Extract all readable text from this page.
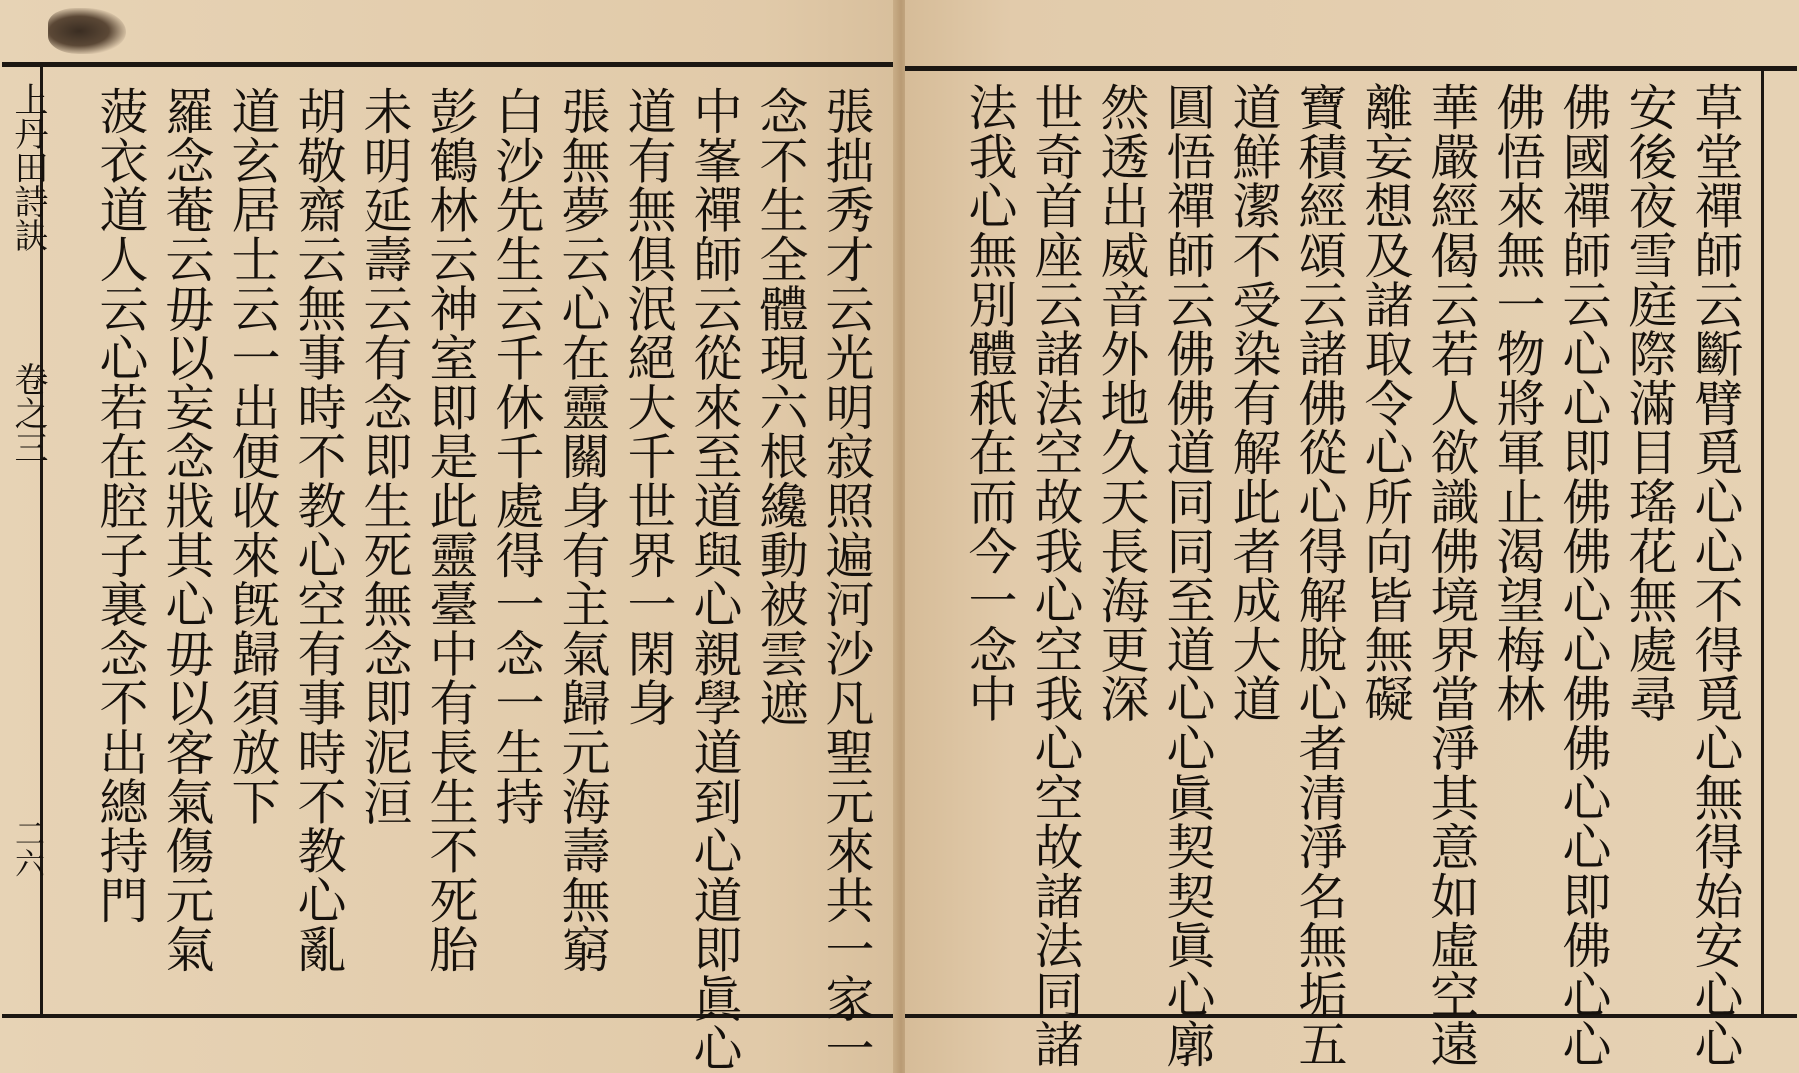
上丹田詩訣
卷之三
二六	張拙秀才云光明寂照遍河沙凡聖元來共一家一
念不生全體現六根纔動被雲遮
中峯禪師云從來至道與心親學道到心道即眞心
道有無俱泯絕大千世界一閑身
張無夢云心在靈關身有主氣歸元海壽無窮
白沙先生云千休千處得一念一生持
彭鶴林云神室即是此靈臺中有長生不死胎
未明延壽云有念即生死無念即泥洹
胡敬齋云無事時不教心空有事時不教心亂
道玄居士云一出便收來旣歸須放下
羅念菴云毋以妄念戕其心毋以客氣傷元氣
菠衣道人云心若在腔子裏念不出總持門	草堂禪師云斷臂覓心心不得覓心無得始安心心
安後夜雪庭際滿目瑤花無處尋
佛國禪師云心心即佛佛心心佛佛心心即佛心心
佛悟來無一物將軍止渴望梅林
華嚴經偈云若人欲識佛境界當淨其意如虛空遠
離妄想及諸取令心所向皆無礙
寶積經頌云諸佛從心得解脫心者清淨名無垢五
道鮮潔不受染有解此者成大道
圓悟禪師云佛佛道同同至道心心眞契契眞心廓
然透出威音外地久天長海更深
世奇首座云諸法空故我心空我心空故諸法同諸
法我心無別體秖在而今一念中
